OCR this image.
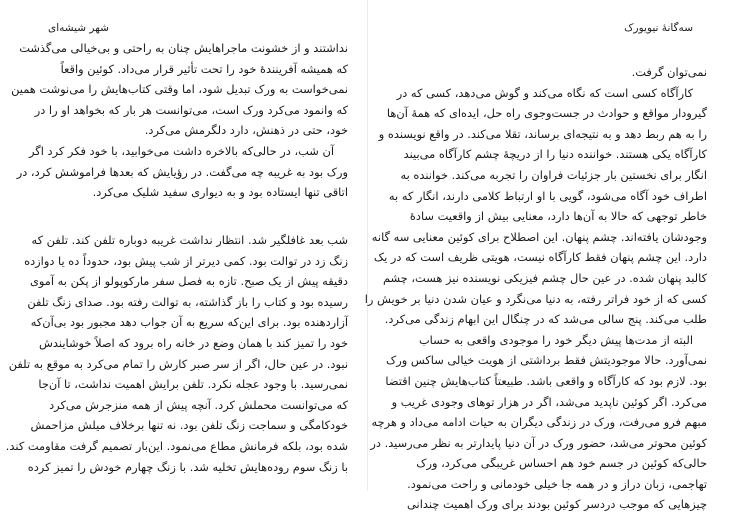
شهر شیشه‌ای
نداشتند و از خشونت ماجراهایش چنان به راحتی و بی‌خیالی می‌گذشت
که همیشه آفرینندهٔ خود را تحت تأثیر قرار می‌داد. کوئین واقعاً
نمی‌خواست به ورک تبدیل شود، اما وقتی کتاب‌هایش را می‌نوشت همین
که وانمود می‌کرد ورک است، می‌توانست هر بار که بخواهد او را در
خود، حتی در ذهنش، دارد دلگرمش می‌کرد.
آن شب، در حالی‌که بالاخره داشت می‌خوابید، با خود فکر کرد اگر
ورک بود به غریبه چه می‌گفت. در رؤیایش که بعدها فراموشش کرد، در
اتاقی تنها ایستاده بود و به دیواری سفید شلیک می‌کرد.
شب بعد غافلگیر شد. انتظار نداشت غریبه دوباره تلفن کند. تلفن که
زنگ زد در توالت بود. کمی دیرتر از شب پیش بود، حدوداً ده یا دوازده
دقیقه پیش از یک صبح. تازه به فصل سفر مارکوپولو از پکن به آموی
رسیده بود و کتاب را باز گذاشته، به توالت رفته بود. صدای زنگ تلفن
آزاردهنده بود. برای این‌که سریع به آن جواب دهد مجبور بود بی‌آن‌که
خود را تمیز کند با همان وضع در خانه راه برود که اصلاً خوشایندش
نبود. در عین حال، اگر از سر صبر کارش را تمام می‌کرد به موقع به تلفن
نمی‌رسید. با وجود عجله نکرد. تلفن برایش اهمیت نداشت، تا آن‌جا
که می‌توانست محملش کرد. آنچه پیش از همه منزجرش می‌کرد
خودکامگی و سماجت زنگ تلفن بود. نه تنها برخلاف میلش مزاحمش
شده بود، بلکه فرمانش مطاع می‌نمود. این‌بار تصمیم گرفت مقاومت کند.
با زنگ سوم روده‌هایش تخلیه شد. با زنگ چهارم خودش را تمیز کرده
سه‌گانهٔ نیویورک
نمی‌توان گرفت.
کارآگاه کسی است که نگاه می‌کند و گوش می‌دهد، کسی که در
گیرودار مواقع و حوادث در جست‌وجوی راه حل، ایده‌ای که همهٔ آن‌ها
را به هم ربط دهد و به نتیجه‌ای برساند، تقلا می‌کند. در واقع نویسنده و
کارآگاه یکی هستند. خواننده دنیا را از دریچهٔ چشم کارآگاه می‌بیند
انگار برای نخستین بار جزئیات فراوان را تجربه می‌کند. خواننده به
اطراف خود آگاه می‌شود، گویی با او ارتباط کلامی دارند، انگار که به
خاطر توجهی که حالا به آن‌ها دارد، معنایی بیش از واقعیت سادهٔ
وجودشان یافته‌اند. چشم پنهان. این اصطلاح برای کوئین معنایی سه گانه
دارد. این چشم پنهان فقط کارآگاه نیست، هویتی ظریف است که در یک
کالبد پنهان شده. در عین حال چشم فیزیکی نویسنده نیز هست، چشم
کسی که از خود فراتر رفته، به دنیا می‌نگرد و عیان شدن دنیا بر خویش را
طلب می‌کند. پنج سالی می‌شد که در چنگال این ابهام زندگی می‌کرد.
البته از مدت‌ها پیش دیگر خود را موجودی واقعی به حساب
نمی‌آورد. حالا موجودیتش فقط برداشتی از هویت خیالی ساکس ورک
بود. لازم بود که کارآگاه و واقعی باشد. طبیعتاً کتاب‌هایش چنین اقتضا
می‌کرد. اگر کوئین ناپدید می‌شد، اگر در هزار توهای وجودی غریب و
مبهم فرو می‌رفت، ورک در زندگی دیگران به حیات ادامه می‌داد و هرچه
کوئین محوتر می‌شد، حضور ورک در آن دنیا پایدارتر به نظر می‌رسید. در
حالی‌که کوئین در جسم خود هم احساس غریبگی می‌کرد، ورک
تهاجمی، زبان دراز و در همه جا خیلی خودمانی و راحت می‌نمود.
چیزهایی که موجب دردسر کوئین بودند برای ورک اهمیت چندانی
